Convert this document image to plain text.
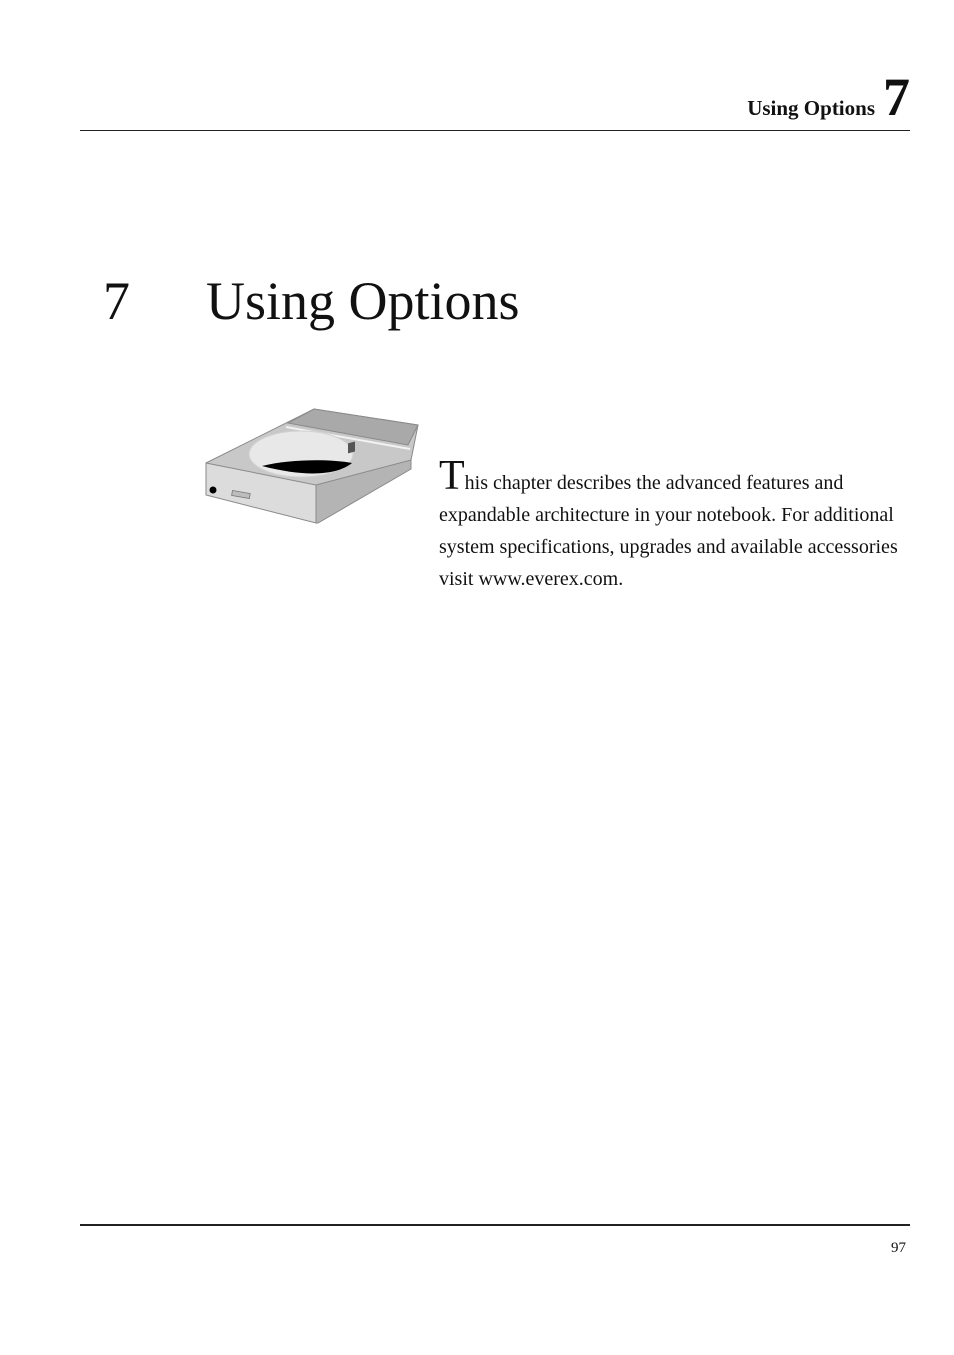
Using Options 7
7 Using Options
This chapter describes the advanced features and expandable architecture in your notebook. For additional system specifications, upgrades and available accessories visit www.everex.com.
97
